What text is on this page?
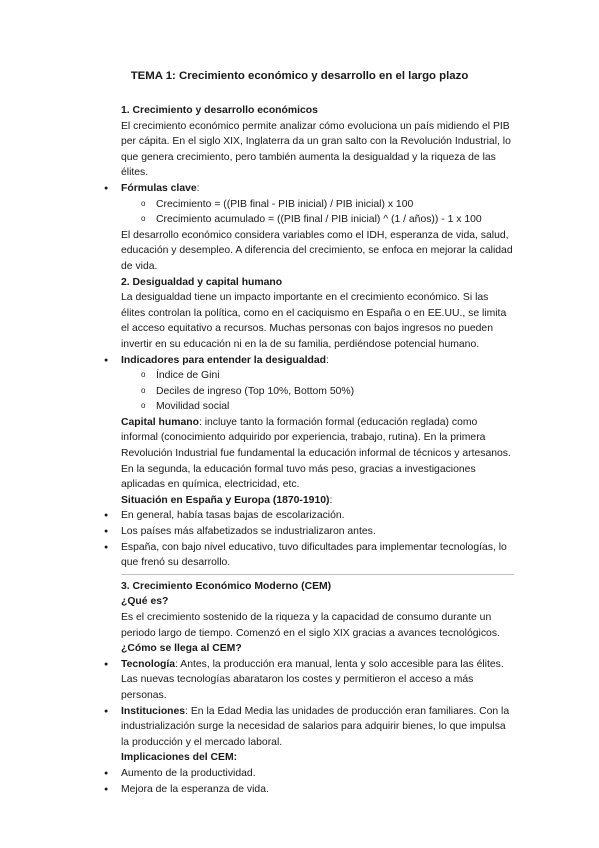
TEMA 1: Crecimiento económico y desarrollo en el largo plazo

1. Crecimiento y desarrollo económicos

El crecimiento económico permite analizar cómo evoluciona un país midiendo el PIB per cápita. En el siglo XIX, Inglaterra da un gran salto con la Revolución Industrial, lo que genera crecimiento, pero también aumenta la desigualdad y la riqueza de las élites.

● Fórmulas clave:

o Crecimiento = ((PIB final - PIB inicial) / PIB inicial) x 100
o Crecimiento acumulado = ((PIB final / PIB inicial) ^ (1 / años)) - 1 x 100

El desarrollo económico considera variables como el IDH, esperanza de vida, salud, educación y desempleo. A diferencia del crecimiento, se enfoca en mejorar la calidad de vida.

2. Desigualdad y capital humano

La desigualdad tiene un impacto importante en el crecimiento económico. Si las élites controlan la política, como en el caciquismo en España o en EE.UU., se limita el acceso equitativo a recursos. Muchas personas con bajos ingresos no pueden invertir en su educación ni en la de su familia, perdiéndose potencial humano.

● Indicadores para entender la desigualdad:

o Índice de Gini
o Deciles de ingreso (Top 10%, Bottom 50%)
o Movilidad social

Capital humano: incluye tanto la formación formal (educación reglada) como informal (conocimiento adquirido por experiencia, trabajo, rutina). En la primera Revolución Industrial fue fundamental la educación informal de técnicos y artesanos. En la segunda, la educación formal tuvo más peso, gracias a investigaciones aplicadas en química, electricidad, etc.

Situación en España y Europa (1870-1910):

● En general, había tasas bajas de escolarización.
● Los países más alfabetizados se industrializaron antes.
● España, con bajo nivel educativo, tuvo dificultades para implementar tecnologías, lo que frenó su desarrollo.

3. Crecimiento Económico Moderno (CEM)

¿Qué es?

Es el crecimiento sostenido de la riqueza y la capacidad de consumo durante un periodo largo de tiempo. Comenzó en el siglo XIX gracias a avances tecnológicos.

¿Cómo se llega al CEM?

● Tecnología: Antes, la producción era manual, lenta y solo accesible para las élites. Las nuevas tecnologías abarataron los costes y permitieron el acceso a más personas.
● Instituciones: En la Edad Media las unidades de producción eran familiares. Con la industrialización surge la necesidad de salarios para adquirir bienes, lo que impulsa la producción y el mercado laboral.

Implicaciones del CEM:

● Aumento de la productividad.
● Mejora de la esperanza de vida.
